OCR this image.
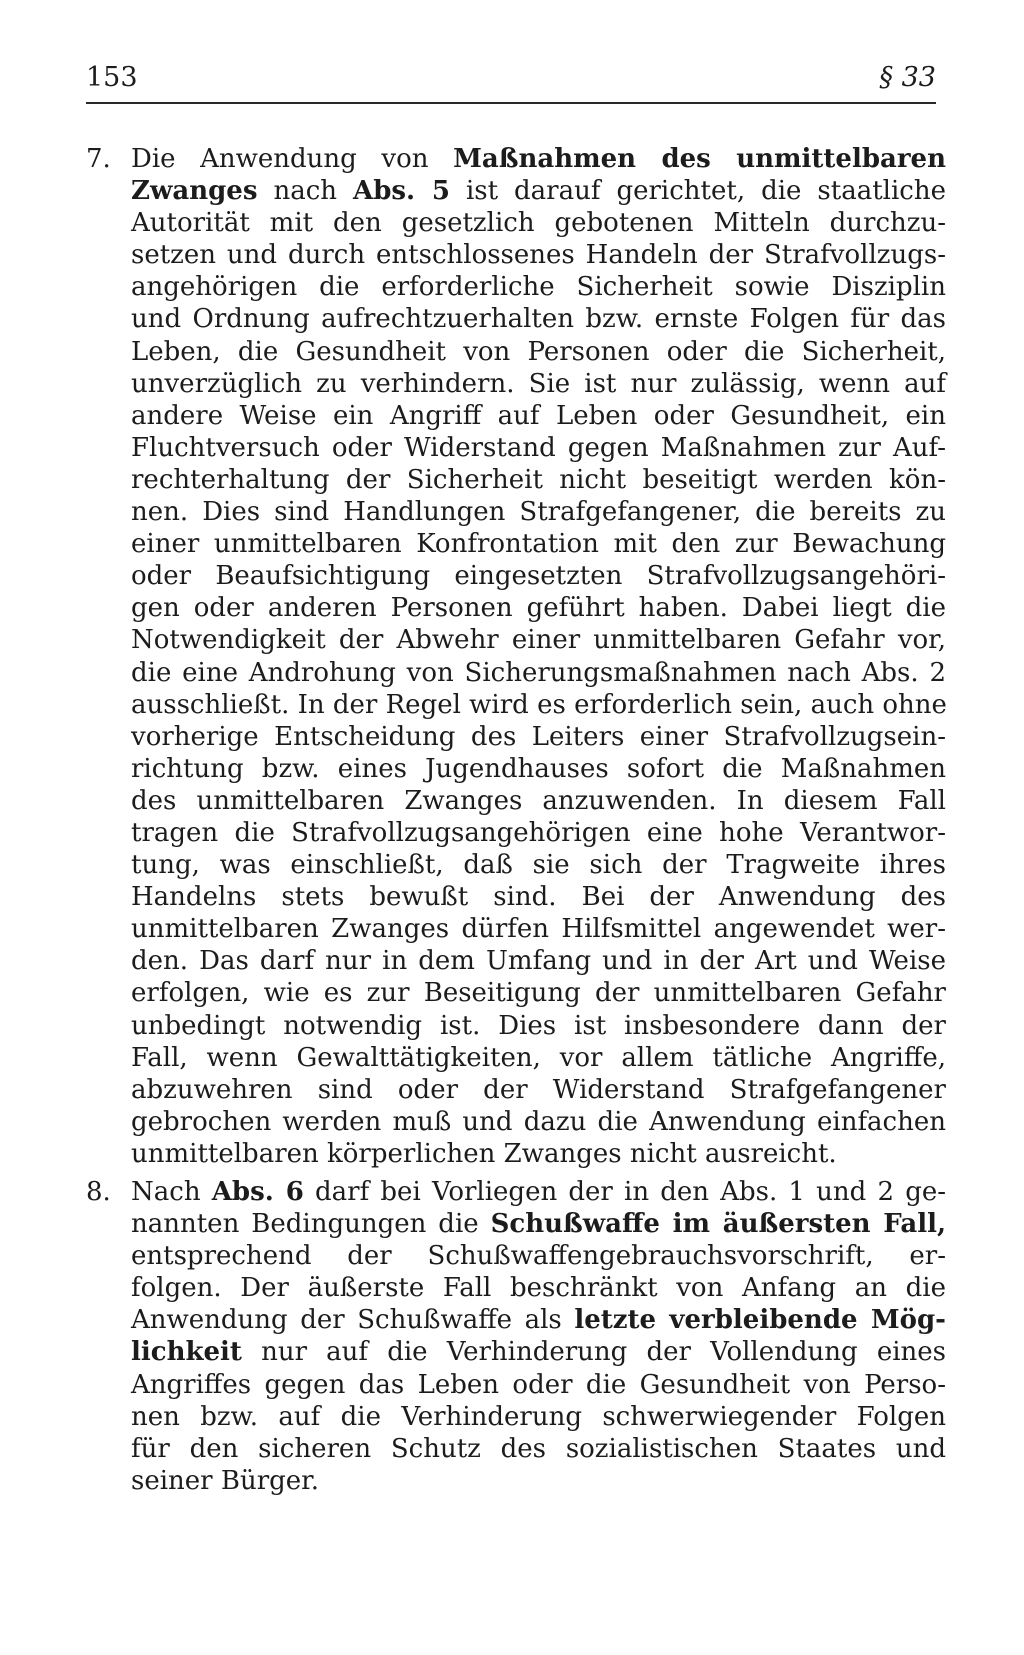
153	§ 33
7. Die Anwendung von Maßnahmen des unmittelbaren
Zwanges nach Abs. 5 ist darauf gerichtet, die staatliche
Autorität mit den gesetzlich gebotenen Mitteln durchzu-
setzen und durch entschlossenes Handeln der Strafvollzugs-
angehörigen die erforderliche Sicherheit sowie Disziplin
und Ordnung aufrechtzuerhalten bzw. ernste Folgen für das
Leben, die Gesundheit von Personen oder die Sicherheit,
unverzüglich zu verhindern. Sie ist nur zulässig, wenn auf
andere Weise ein Angriff auf Leben oder Gesundheit, ein
Fluchtversuch oder Widerstand gegen Maßnahmen zur Auf-
rechterhaltung der Sicherheit nicht beseitigt werden kön-
nen. Dies sind Handlungen Strafgefangener, die bereits zu
einer unmittelbaren Konfrontation mit den zur Bewachung
oder Beaufsichtigung eingesetzten Strafvollzugsangehöri-
gen oder anderen Personen geführt haben. Dabei liegt die
Notwendigkeit der Abwehr einer unmittelbaren Gefahr vor,
die eine Androhung von Sicherungsmaßnahmen nach Abs. 2
ausschließt. In der Regel wird es erforderlich sein, auch ohne
vorherige Entscheidung des Leiters einer Strafvollzugsein-
richtung bzw. eines Jugendhauses sofort die Maßnahmen
des unmittelbaren Zwanges anzuwenden. In diesem Fall
tragen die Strafvollzugsangehörigen eine hohe Verantwor-
tung, was einschließt, daß sie sich der Tragweite ihres
Handelns stets bewußt sind. Bei der Anwendung des
unmittelbaren Zwanges dürfen Hilfsmittel angewendet wer-
den. Das darf nur in dem Umfang und in der Art und Weise
erfolgen, wie es zur Beseitigung der unmittelbaren Gefahr
unbedingt notwendig ist. Dies ist insbesondere dann der
Fall, wenn Gewalttätigkeiten, vor allem tätliche Angriffe,
abzuwehren sind oder der Widerstand Strafgefangener
gebrochen werden muß und dazu die Anwendung einfachen
unmittelbaren körperlichen Zwanges nicht ausreicht.
8. Nach Abs. 6 darf bei Vorliegen der in den Abs. 1 und 2 ge-
nannten Bedingungen die Schußwaffe im äußersten Fall,
entsprechend der Schußwaffengebrauchsvorschrift, er-
folgen. Der äußerste Fall beschränkt von Anfang an die
Anwendung der Schußwaffe als letzte verbleibende Mög-
lichkeit nur auf die Verhinderung der Vollendung eines
Angriffes gegen das Leben oder die Gesundheit von Perso-
nen bzw. auf die Verhinderung schwerwiegender Folgen
für den sicheren Schutz des sozialistischen Staates und
seiner Bürger.
